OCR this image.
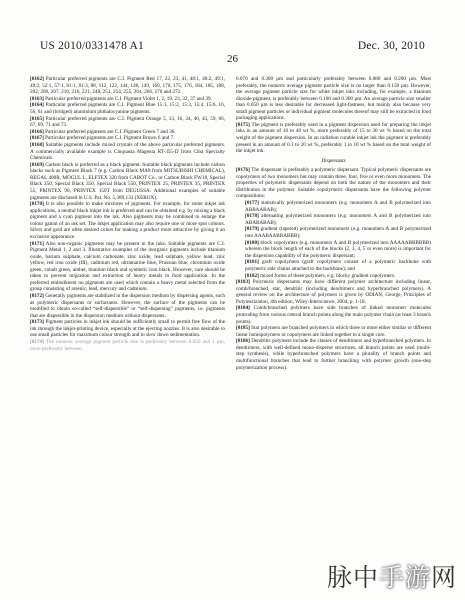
US 2010/0331478 A1	Dec. 30, 2010
26

[0162] Particular preferred pigments are C.I. Pigment Red 17, 22, 23, 41, 48:1, 48:2, 49:1, 49:2, 52:1, 57:1, 81:1, 81:3, 88, 112, 122, 144, 146, 149, 169, 170, 175, 176, 184, 185, 188, 202, 206, 207, 210, 216, 221, 248, 251, 254, 255, 264, 266, 270 and 272.

[0163] Particular preferred pigments are C.I. Pigment Violet 1, 2, 19, 23, 32, 37 and 39.

[0164] Particular preferred pigments are C.I. Pigment Blue 15:1, 15:2, 15:3, 15:4, 15:6, 16, 56, 61 and (bridged) aluminium phthalocyanine pigments.

[0165] Particular preferred pigments are C.I. Pigment Orange 5, 13, 16, 34, 40, 43, 59, 66, 67, 69, 71 and 73.

[0166] Particular preferred pigments are C.I. Pigment Green 7 and 36.

[0167] Particular preferred pigments are C.I. Pigment Brown 6 and 7.

[0168] Suitable pigments include mixed crystals of the above particular preferred pigments. A commercially available example is Cinquasia Magenta RT-355-D from Ciba Specialty Chemicals.

[0169] Carbon black is preferred as a black pigment. Suitable black pigments include carbon blacks such as Pigment Black 7 (e.g. Carbon Black MA8 from MITSUBISHI CHEMICAL), REGAL 400R, MOGUL L, ELFTEX 320 from CABOT Co., or Carbon Black FW18, Special Black 250, Special Black 350, Special Black 550, PRINTEX 25, PRINTEX 35, PRINTEX 55, PRINTEX 90, PRINTEX 150T from DEGUSSA. Additional examples of suitable pigments are disclosed in U.S. Pat. No. 5,389,133 (XEROX).

[0170] It is also possible to make mixtures of pigments. For example, for some inkjet ink applications, a neutral black inkjet ink is preferred and can be obtained e.g. by mixing a black pigment and a cyan pigment into the ink. Also pigments may be combined to enlarge the colour gamut of an ink set. The inkjet application may also require one or more spot colours. Silver and gold are often desired colors for making a product more attractive by giving it an exclusive appearance.

[0171] Also non-organic pigments may be present in the inks. Suitable pigments are C.I. Pigment Metal 1, 2 and 3. Illustrative examples of the inorganic pigments include titanium oxide, barium sulphate, calcium carbonate, zinc oxide, lead sulphate, yellow lead, zinc yellow, red iron oxide (III), cadmium red, ultramarine blue, Prussian blue, chromium oxide green, cobalt green, amber, titanium black and synthetic iron black. However, care should be taken to prevent migration and extraction of heavy metals in food application. In the preferred embodiment no pigments are used which contain a heavy metal selected from the group consisting of arsenic, lead, mercury and cadmium.

[0172] Generally pigments are stabilized in the dispersion medium by dispersing agents, such as polymeric dispersants or surfactants. However, the surface of the pigments can be modified to obtain so-called “self-dispersible” or “self-dispersing” pigments, i.e. pigments that are dispersible in the dispersion medium without dispersants.

[0173] Pigment particles in inkjet ink should be sufficiently small to permit free flow of the ink through the inkjet-printing device, especially at the ejecting nozzles. It is also desirable to use small particles for maximum colour strength and to slow down sedimentation.

[0174] The numeric average pigment particle size is preferably between 0.050 and 1 μm, more preferably between

0.070 and 0.300 μm and particularly preferably between 0.080 and 0.200 μm. Most preferably, the numeric average pigment particle size is no larger than 0.150 μm. However, the average pigment particle size for white inkjet inks including, for example, a titanium dioxide pigment, is preferably between 0.100 and 0.300 μm. An average particle size smaller than 0.050 μm is less desirable for decreased light-fastness, but mainly also because very small pigment particles or individual pigment molecules thereof may still be extracted in food packaging applications.

[0175] The pigment is preferably used in a pigment dispersion used for preparing the inkjet inks in an amount of 10 to 40 wt %, more preferably of 15 to 30 wt % based on the total weight of the pigment dispersion. In an radiation curable inkjet ink the pigment is preferably present in an amount of 0.1 to 20 wt %, preferably 1 to 10 wt % based on the total weight of the inkjet ink.

Dispersants

[0176] The dispersant is preferably a polymeric dispersant. Typical polymeric dispersants are copolymers of two monomers but may contain three, four, five or even more monomers. The properties of polymeric dispersants depend on both the nature of the monomers and their distribution in the polymer. Suitable copolymeric dispersants have the following polymer compositions:

[0177] statistically polymerized monomers (e.g. monomers A and B polymerized into ABBAABAB);

[0178] alternating polymerized monomers (e.g. monomers A and B polymerized into ABABABAB);

[0179] gradient (tapered) polymerized monomers (e.g. monomers A and B polymerized into AAABAABBABBB);

[0180] block copolymers (e.g. monomers A and B polymerized into AAAAABBBBBB) wherein the block length of each of the blocks (2, 3, 4, 5 or even more) is important for the dispersion capability of the polymeric dispersant;

[0181] graft copolymers (graft copolymers consist of a polymeric backbone with polymeric side chains attached to the backbone); and

[0182] mixed forms of these polymers, e.g. blocky gradient copolymers.

[0183] Polymeric dispersants may have different polymer architecture including linear, comb/branched, star, dendritic (including dendrimers and hyperbranched polymers). A general review on the architecture of polymers is given by ODIAN, George, Principles of Polymerization, 4th edition, Wiley-Interscience, 2004, p. 1-18.

[0184] Comb/branched polymers have side branches of linked monomer molecules protruding from various central branch points along the main polymer chain (at least 3 branch points).

[0185] Star polymers are branched polymers in which three or more either similar or different linear homopolymers or copolymers are linked together to a single core.

[0186] Dendritic polymers include the classes of dendrimers and hyperbranched polymers. In dendrimers, with well-defined mono-disperse structures, all branch points are used (multi-step synthesis), while hyperbranched polymers have a plurality of branch points and multifunctional branches that lead to further branching with polymer growth (one-step polymerization process).

脉中手游网
